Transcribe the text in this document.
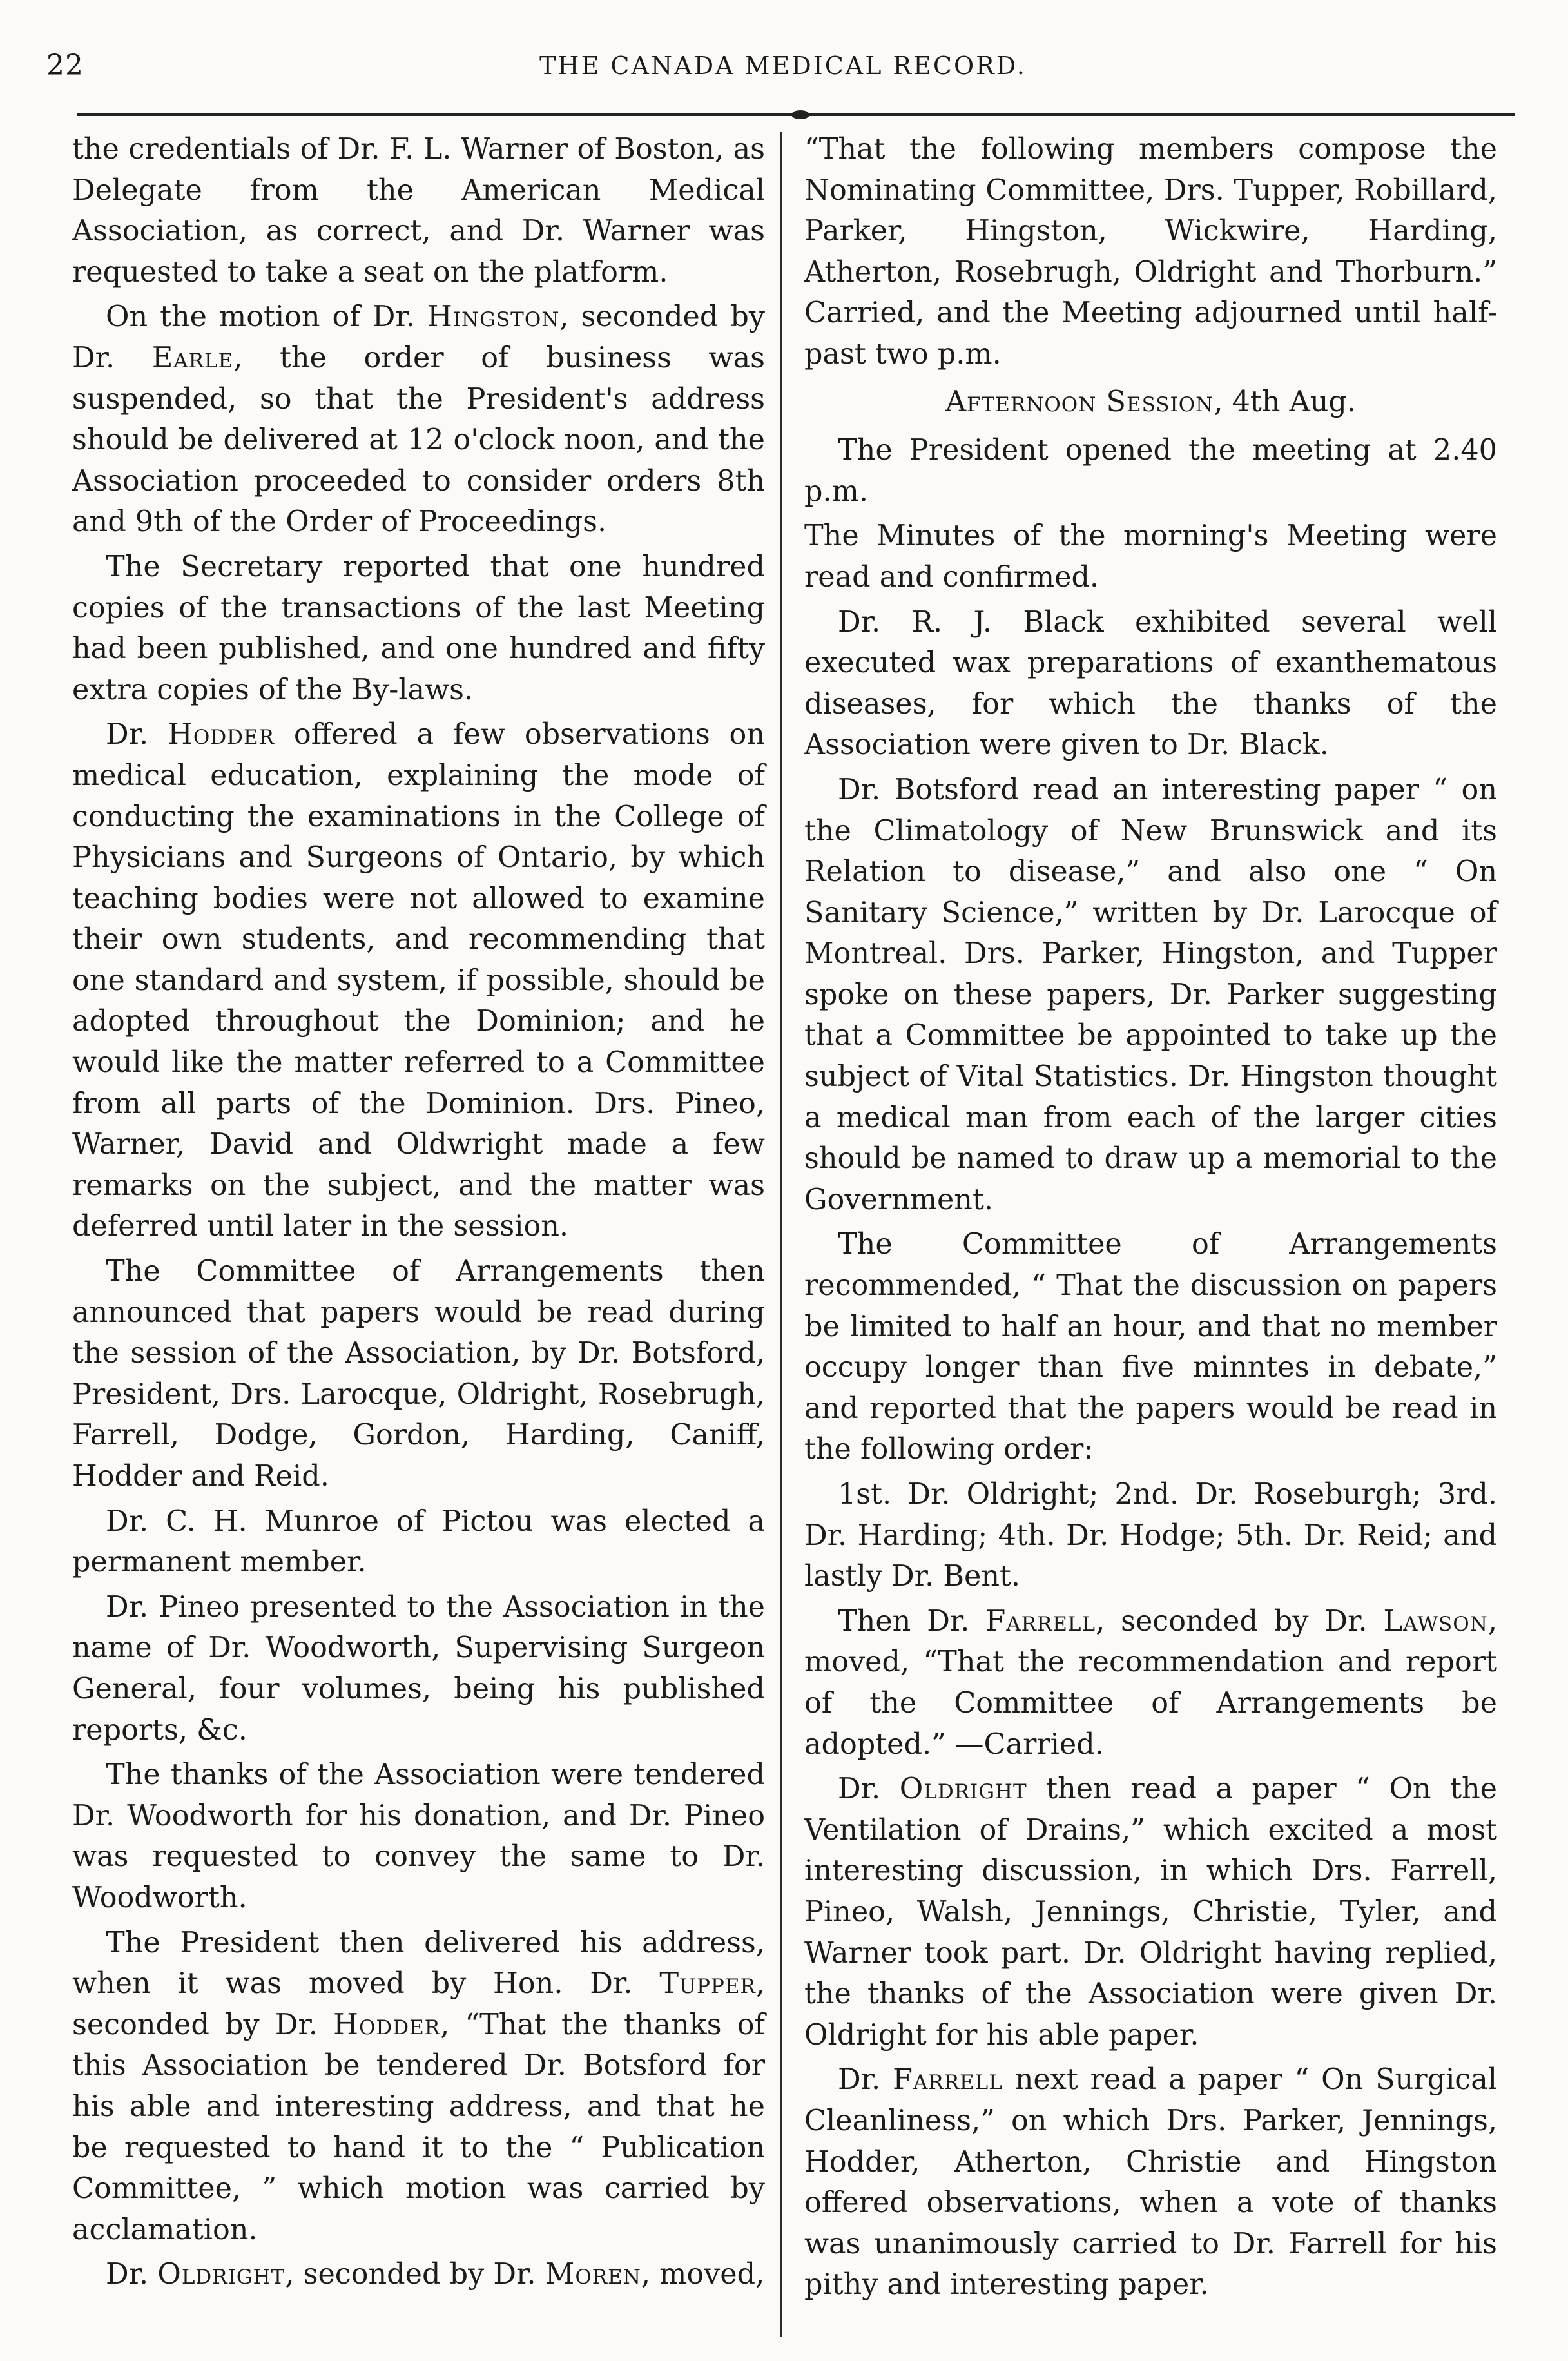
22	THE CANADA MEDICAL RECORD.

the credentials of Dr. F. L. Warner of Boston, as Delegate from the American Medical Association, as correct, and Dr. Warner was requested to take a seat on the platform.

On the motion of Dr. Hingston, seconded by Dr. Earle, the order of business was suspended, so that the President's address should be delivered at 12 o'clock noon, and the Association proceeded to consider orders 8th and 9th of the Order of Proceedings.

The Secretary reported that one hundred copies of the transactions of the last Meeting had been published, and one hundred and fifty extra copies of the By-laws.

Dr. Hodder offered a few observations on medical education, explaining the mode of conducting the examinations in the College of Physicians and Surgeons of Ontario, by which teaching bodies were not allowed to examine their own students, and recommending that one standard and system, if possible, should be adopted throughout the Dominion; and he would like the matter referred to a Committee from all parts of the Dominion. Drs. Pineo, Warner, David and Oldwright made a few remarks on the subject, and the matter was deferred until later in the session.

The Committee of Arrangements then announced that papers would be read during the session of the Association, by Dr. Botsford, President, Drs. Larocque, Oldright, Rosebrugh, Farrell, Dodge, Gordon, Harding, Caniff, Hodder and Reid.

Dr. C. H. Munroe of Pictou was elected a permanent member.

Dr. Pineo presented to the Association in the name of Dr. Woodworth, Supervising Surgeon General, four volumes, being his published reports, &c.

The thanks of the Association were tendered Dr. Woodworth for his donation, and Dr. Pineo was requested to convey the same to Dr. Woodworth.

The President then delivered his address, when it was moved by Hon. Dr. Tupper, seconded by Dr. Hodder, “That the thanks of this Association be tendered Dr. Botsford for his able and interesting address, and that he be requested to hand it to the “ Publication Committee, ” which motion was carried by acclamation.

Dr. Oldright, seconded by Dr. Moren, moved,

“That the following members compose the Nominating Committee, Drs. Tupper, Robillard, Parker, Hingston, Wickwire, Harding, Atherton, Rosebrugh, Oldright and Thorburn.” Carried, and the Meeting adjourned until half-past two p.m.

Afternoon Session, 4th Aug.

The President opened the meeting at 2.40 p.m.

The Minutes of the morning's Meeting were read and confirmed.

Dr. R. J. Black exhibited several well executed wax preparations of exanthematous diseases, for which the thanks of the Association were given to Dr. Black.

Dr. Botsford read an interesting paper “ on the Climatology of New Brunswick and its Relation to disease,” and also one “ On Sanitary Science,” written by Dr. Larocque of Montreal. Drs. Parker, Hingston, and Tupper spoke on these papers, Dr. Parker suggesting that a Committee be appointed to take up the subject of Vital Statistics. Dr. Hingston thought a medical man from each of the larger cities should be named to draw up a memorial to the Government.

The Committee of Arrangements recommended, “ That the discussion on papers be limited to half an hour, and that no member occupy longer than five minntes in debate,” and reported that the papers would be read in the following order:

1st. Dr. Oldright; 2nd. Dr. Roseburgh; 3rd. Dr. Harding; 4th. Dr. Hodge; 5th. Dr. Reid; and lastly Dr. Bent.

Then Dr. Farrell, seconded by Dr. Lawson, moved, “That the recommendation and report of the Committee of Arrangements be adopted.” —Carried.

Dr. Oldright then read a paper “ On the Ventilation of Drains,” which excited a most interesting discussion, in which Drs. Farrell, Pineo, Walsh, Jennings, Christie, Tyler, and Warner took part. Dr. Oldright having replied, the thanks of the Association were given Dr. Oldright for his able paper.

Dr. Farrell next read a paper “ On Surgical Cleanliness,” on which Drs. Parker, Jennings, Hodder, Atherton, Christie and Hingston offered observations, when a vote of thanks was unanimously carried to Dr. Farrell for his pithy and interesting paper.
